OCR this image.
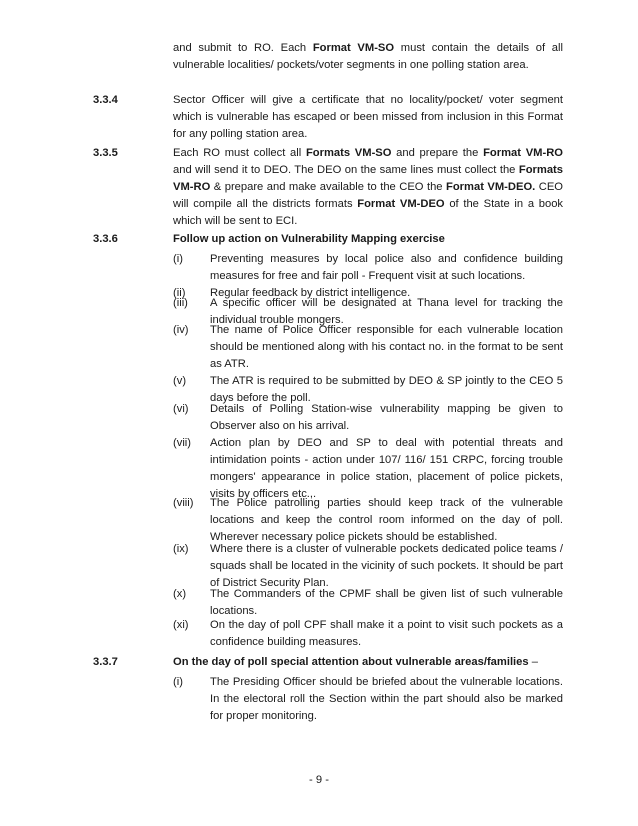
and submit to RO. Each Format VM-SO must contain the details of all vulnerable localities/ pockets/voter segments in one polling station area.
3.3.4	Sector Officer will give a certificate that no locality/pocket/ voter segment which is vulnerable has escaped or been missed from inclusion in this Format for any polling station area.
3.3.5	Each RO must collect all Formats VM-SO and prepare the Format VM-RO and will send it to DEO. The DEO on the same lines must collect the Formats VM-RO & prepare and make available to the CEO the Format VM-DEO. CEO will compile all the districts formats Format VM-DEO of the State in a book which will be sent to ECI.
3.3.6	Follow up action on Vulnerability Mapping exercise
(i)	Preventing measures by local police also and confidence building measures for free and fair poll - Frequent visit at such locations.
(ii)	Regular feedback by district intelligence.
(iii)	A specific officer will be designated at Thana level for tracking the individual trouble mongers.
(iv)	The name of Police Officer responsible for each vulnerable location should be mentioned along with his contact no. in the format to be sent as ATR.
(v)	The ATR is required to be submitted by DEO & SP jointly to the CEO 5 days before the poll.
(vi)	Details of Polling Station-wise vulnerability mapping be given to Observer also on his arrival.
(vii)	Action plan by DEO and SP to deal with potential threats and intimidation points - action under 107/ 116/ 151 CRPC, forcing trouble mongers' appearance in police station, placement of police pickets, visits by officers etc.,.
(viii)	The Police patrolling parties should keep track of the vulnerable locations and keep the control room informed on the day of poll. Wherever necessary police pickets should be established.
(ix)	Where there is a cluster of vulnerable pockets dedicated police teams / squads shall be located in the vicinity of such pockets. It should be part of District Security Plan.
(x)	The Commanders of the CPMF shall be given list of such vulnerable locations.
(xi)	On the day of poll CPF shall make it a point to visit such pockets as a confidence building measures.
3.3.7	On the day of poll special attention about vulnerable areas/families –
(i)	The Presiding Officer should be briefed about the vulnerable locations. In the electoral roll the Section within the part should also be marked for proper monitoring.
- 9 -
